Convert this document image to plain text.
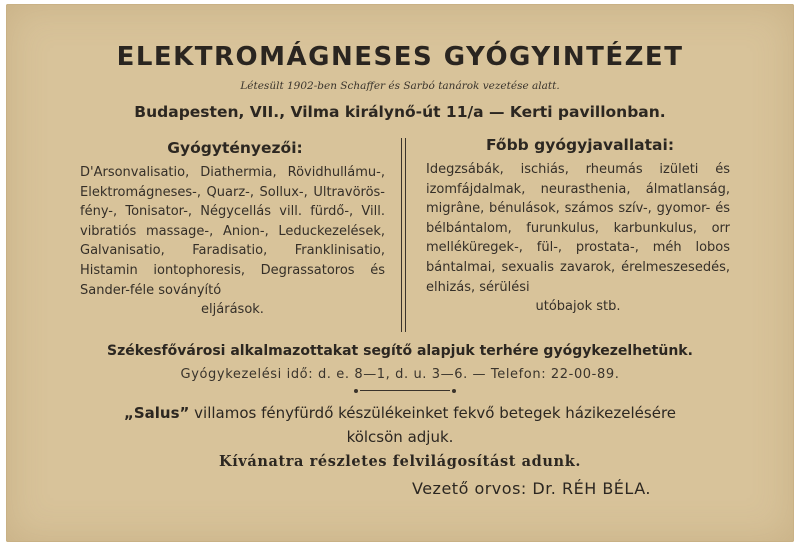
ELEKTROMÁGNESES GYÓGYINTÉZET
Létesült 1902-ben Schaffer és Sarbó tanárok vezetése alatt.
Budapesten, VII., Vilma királynő-út 11/a — Kerti pavillonban.
Gyógytényezői:
D'Arsonvalisatio, Diathermia, Rövidhullámu-, Elektromágneses-, Quarz-, Sollux-, Ultravörös-fény-, Tonisator-, Négycellás vill. fürdő-, Vill. vibratiós massage-, Anion-, Leduckezelések, Galvanisatio, Faradisatio, Franklinisatio, Histamin iontophoresis, Degrassatoros és Sander-féle soványító
eljárások.
Főbb gyógyjavallatai:
Idegzsábák, ischiás, rheumás izületi és izomfájdalmak, neurasthenia, álmatlanság, migrâne, bénulások, számos szív-, gyomor- és bélbántalom, furunkulus, karbunkulus, orr melléküregek-, fül-, prostata-, méh lobos bántalmai, sexualis zavarok, érelmeszesedés, elhizás, sérülési
utóbajok stb.
Székesfővárosi alkalmazottakat segítő alapjuk terhére gyógykezelhetünk.
Gyógykezelési idő: d. e. 8—1, d. u. 3—6. — Telefon: 22-00-89.
„Salus” villamos fényfürdő készülékeinket fekvő betegek házikezelésére
kölcsön adjuk.
Kívánatra részletes felvilágosítást adunk.
Vezető orvos: Dr. RÉH BÉLA.
